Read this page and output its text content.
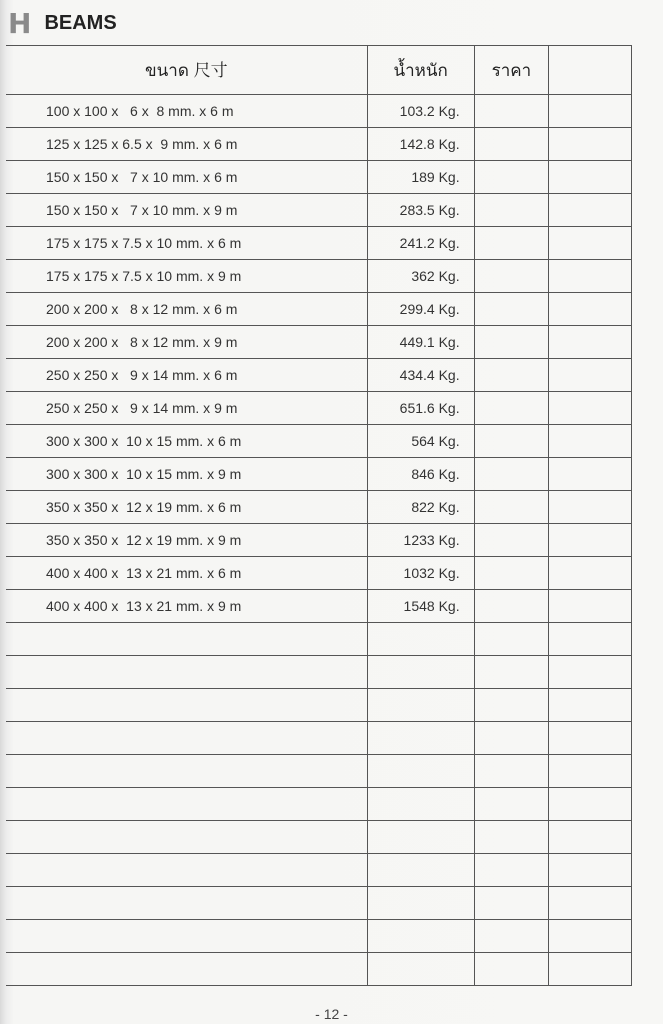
H BEAMS
ขนาด 尺寸	น้ำหนัก	ราคา	
100 x 100 x   6 x  8 mm. x 6 m	103.2 Kg.		
125 x 125 x 6.5 x  9 mm. x 6 m	142.8 Kg.		
150 x 150 x   7 x 10 mm. x 6 m	189 Kg.		
150 x 150 x   7 x 10 mm. x 9 m	283.5 Kg.		
175 x 175 x 7.5 x 10 mm. x 6 m	241.2 Kg.		
175 x 175 x 7.5 x 10 mm. x 9 m	362 Kg.		
200 x 200 x   8 x 12 mm. x 6 m	299.4 Kg.		
200 x 200 x   8 x 12 mm. x 9 m	449.1 Kg.		
250 x 250 x   9 x 14 mm. x 6 m	434.4 Kg.		
250 x 250 x   9 x 14 mm. x 9 m	651.6 Kg.		
300 x 300 x  10 x 15 mm. x 6 m	564 Kg.		
300 x 300 x  10 x 15 mm. x 9 m	846 Kg.		
350 x 350 x  12 x 19 mm. x 6 m	822 Kg.		
350 x 350 x  12 x 19 mm. x 9 m	1233 Kg.		
400 x 400 x  13 x 21 mm. x 6 m	1032 Kg.		
400 x 400 x  13 x 21 mm. x 9 m	1548 Kg.		

- 12 -
